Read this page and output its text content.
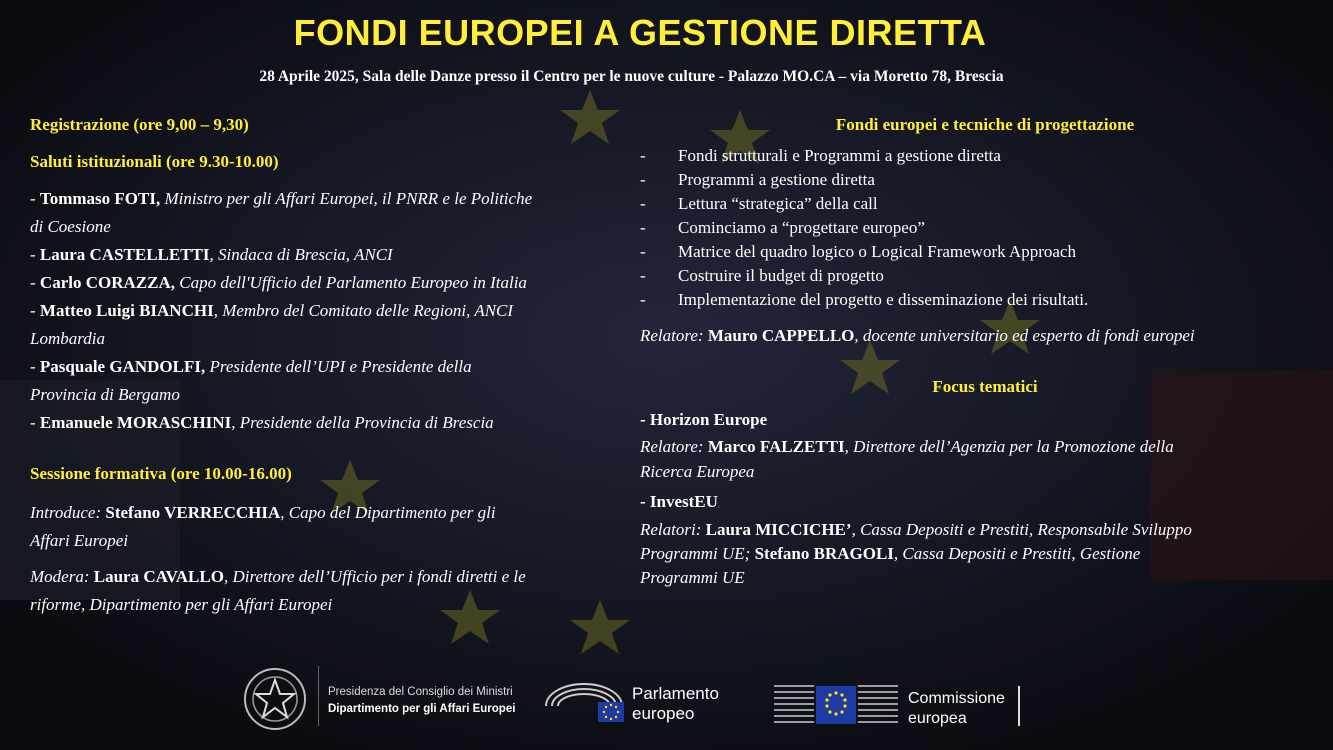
FONDI EUROPEI A GESTIONE DIRETTA
28 Aprile 2025, Sala delle Danze presso il Centro per le nuove culture - Palazzo MO.CA – via Moretto 78, Brescia

Registrazione (ore 9,00 – 9,30)

Saluti istituzionali (ore 9.30-10.00)

- Tommaso FOTI, Ministro per gli Affari Europei, il PNRR e le Politiche
di Coesione

- Laura CASTELLETTI, Sindaca di Brescia, ANCI

- Carlo CORAZZA, Capo dell'Ufficio del Parlamento Europeo in Italia

- Matteo Luigi BIANCHI, Membro del Comitato delle Regioni, ANCI
Lombardia

- Pasquale GANDOLFI, Presidente dell’UPI e Presidente della
Provincia di Bergamo

- Emanuele MORASCHINI, Presidente della Provincia di Brescia

Sessione formativa (ore 10.00-16.00)

Introduce: Stefano VERRECCHIA, Capo del Dipartimento per gli
Affari Europei

Modera: Laura CAVALLO, Direttore dell’Ufficio per i fondi diretti e le
riforme, Dipartimento per gli Affari Europei

Fondi europei e tecniche di progettazione
- Fondi strutturali e Programmi a gestione diretta
- Programmi a gestione diretta
- Lettura “strategica” della call
- Cominciamo a “progettare europeo”
- Matrice del quadro logico o Logical Framework Approach
- Costruire il budget di progetto
- Implementazione del progetto e disseminazione dei risultati.

Relatore: Mauro CAPPELLO, docente universitario ed esperto di fondi europei

Focus tematici

- Horizon Europe

Relatore: Marco FALZETTI, Direttore dell’Agenzia per la Promozione della
Ricerca Europea

- InvestEU

Relatori: Laura MICCICHE’, Cassa Depositi e Prestiti, Responsabile Sviluppo
Programmi UE; Stefano BRAGOLI, Cassa Depositi e Prestiti, Gestione
Programmi UE

Presidenza del Consiglio dei Ministri
Dipartimento per gli Affari Europei
Parlamento
europeo
Commissione
europea
